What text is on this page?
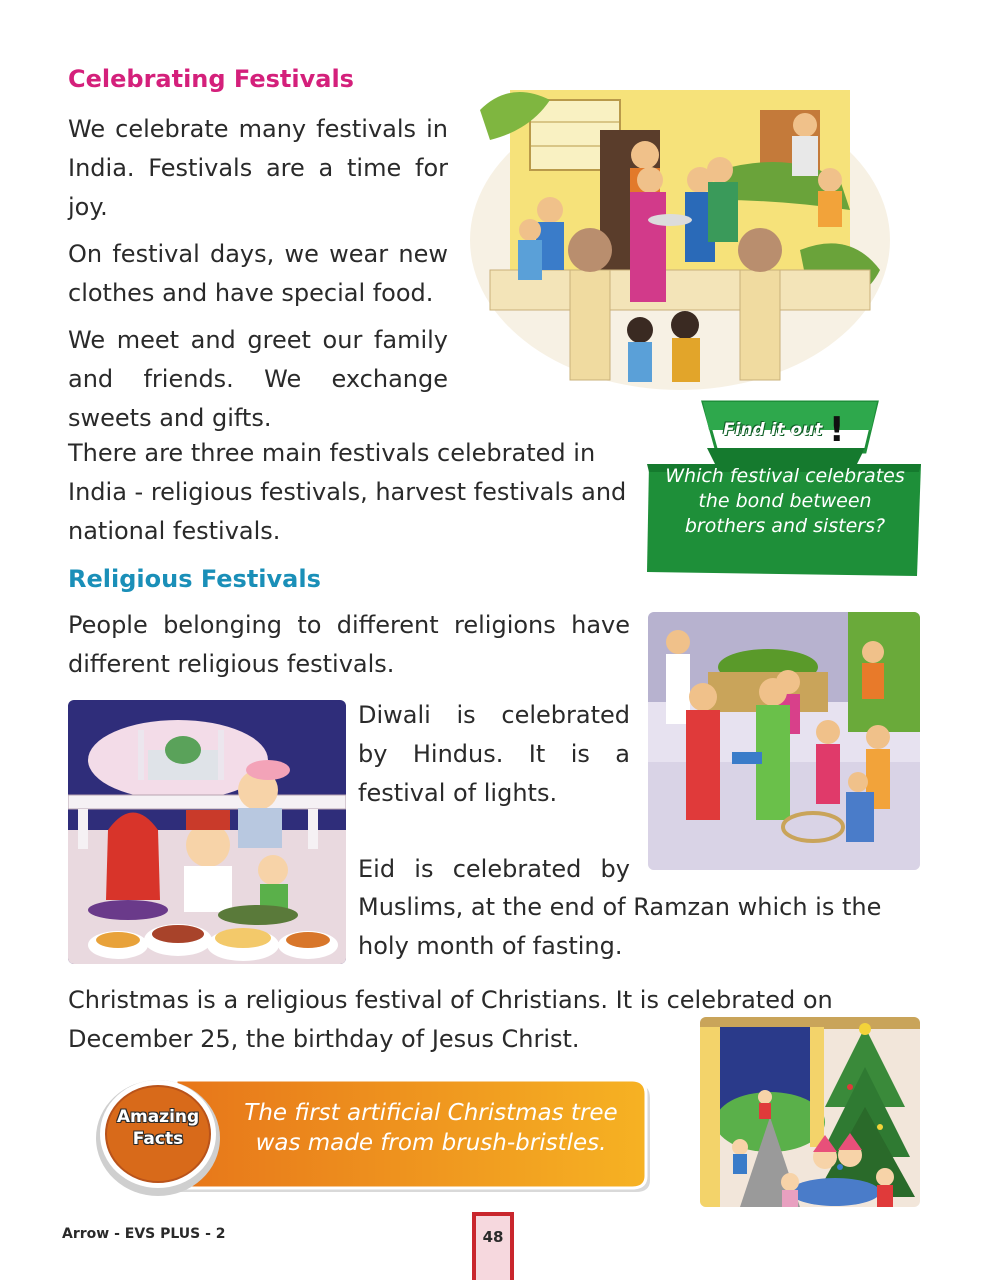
Celebrating Festivals

We celebrate many festivals in India. Festivals are a time for joy.

On festival days, we wear new clothes and have special food.

We meet and greet our family and friends. We exchange sweets and gifts.

There are three main festivals celebrated in India - religious festivals, harvest festivals and national festivals.

Find it out !
Which festival celebrates the bond between brothers and sisters?
Religious Festivals

People belonging to different religions have different religious festivals.

Diwali is celebrated by Hindus. It is a festival of lights.

Eid is celebrated by

Muslims, at the end of Ramzan which is the holy month of fasting.

Christmas is a religious festival of Christians. It is celebrated on December 25, the birthday of Jesus Christ.

Amazing
Facts
The first artificial Christmas tree was made from brush-bristles.
Arrow - EVS PLUS - 2	48
